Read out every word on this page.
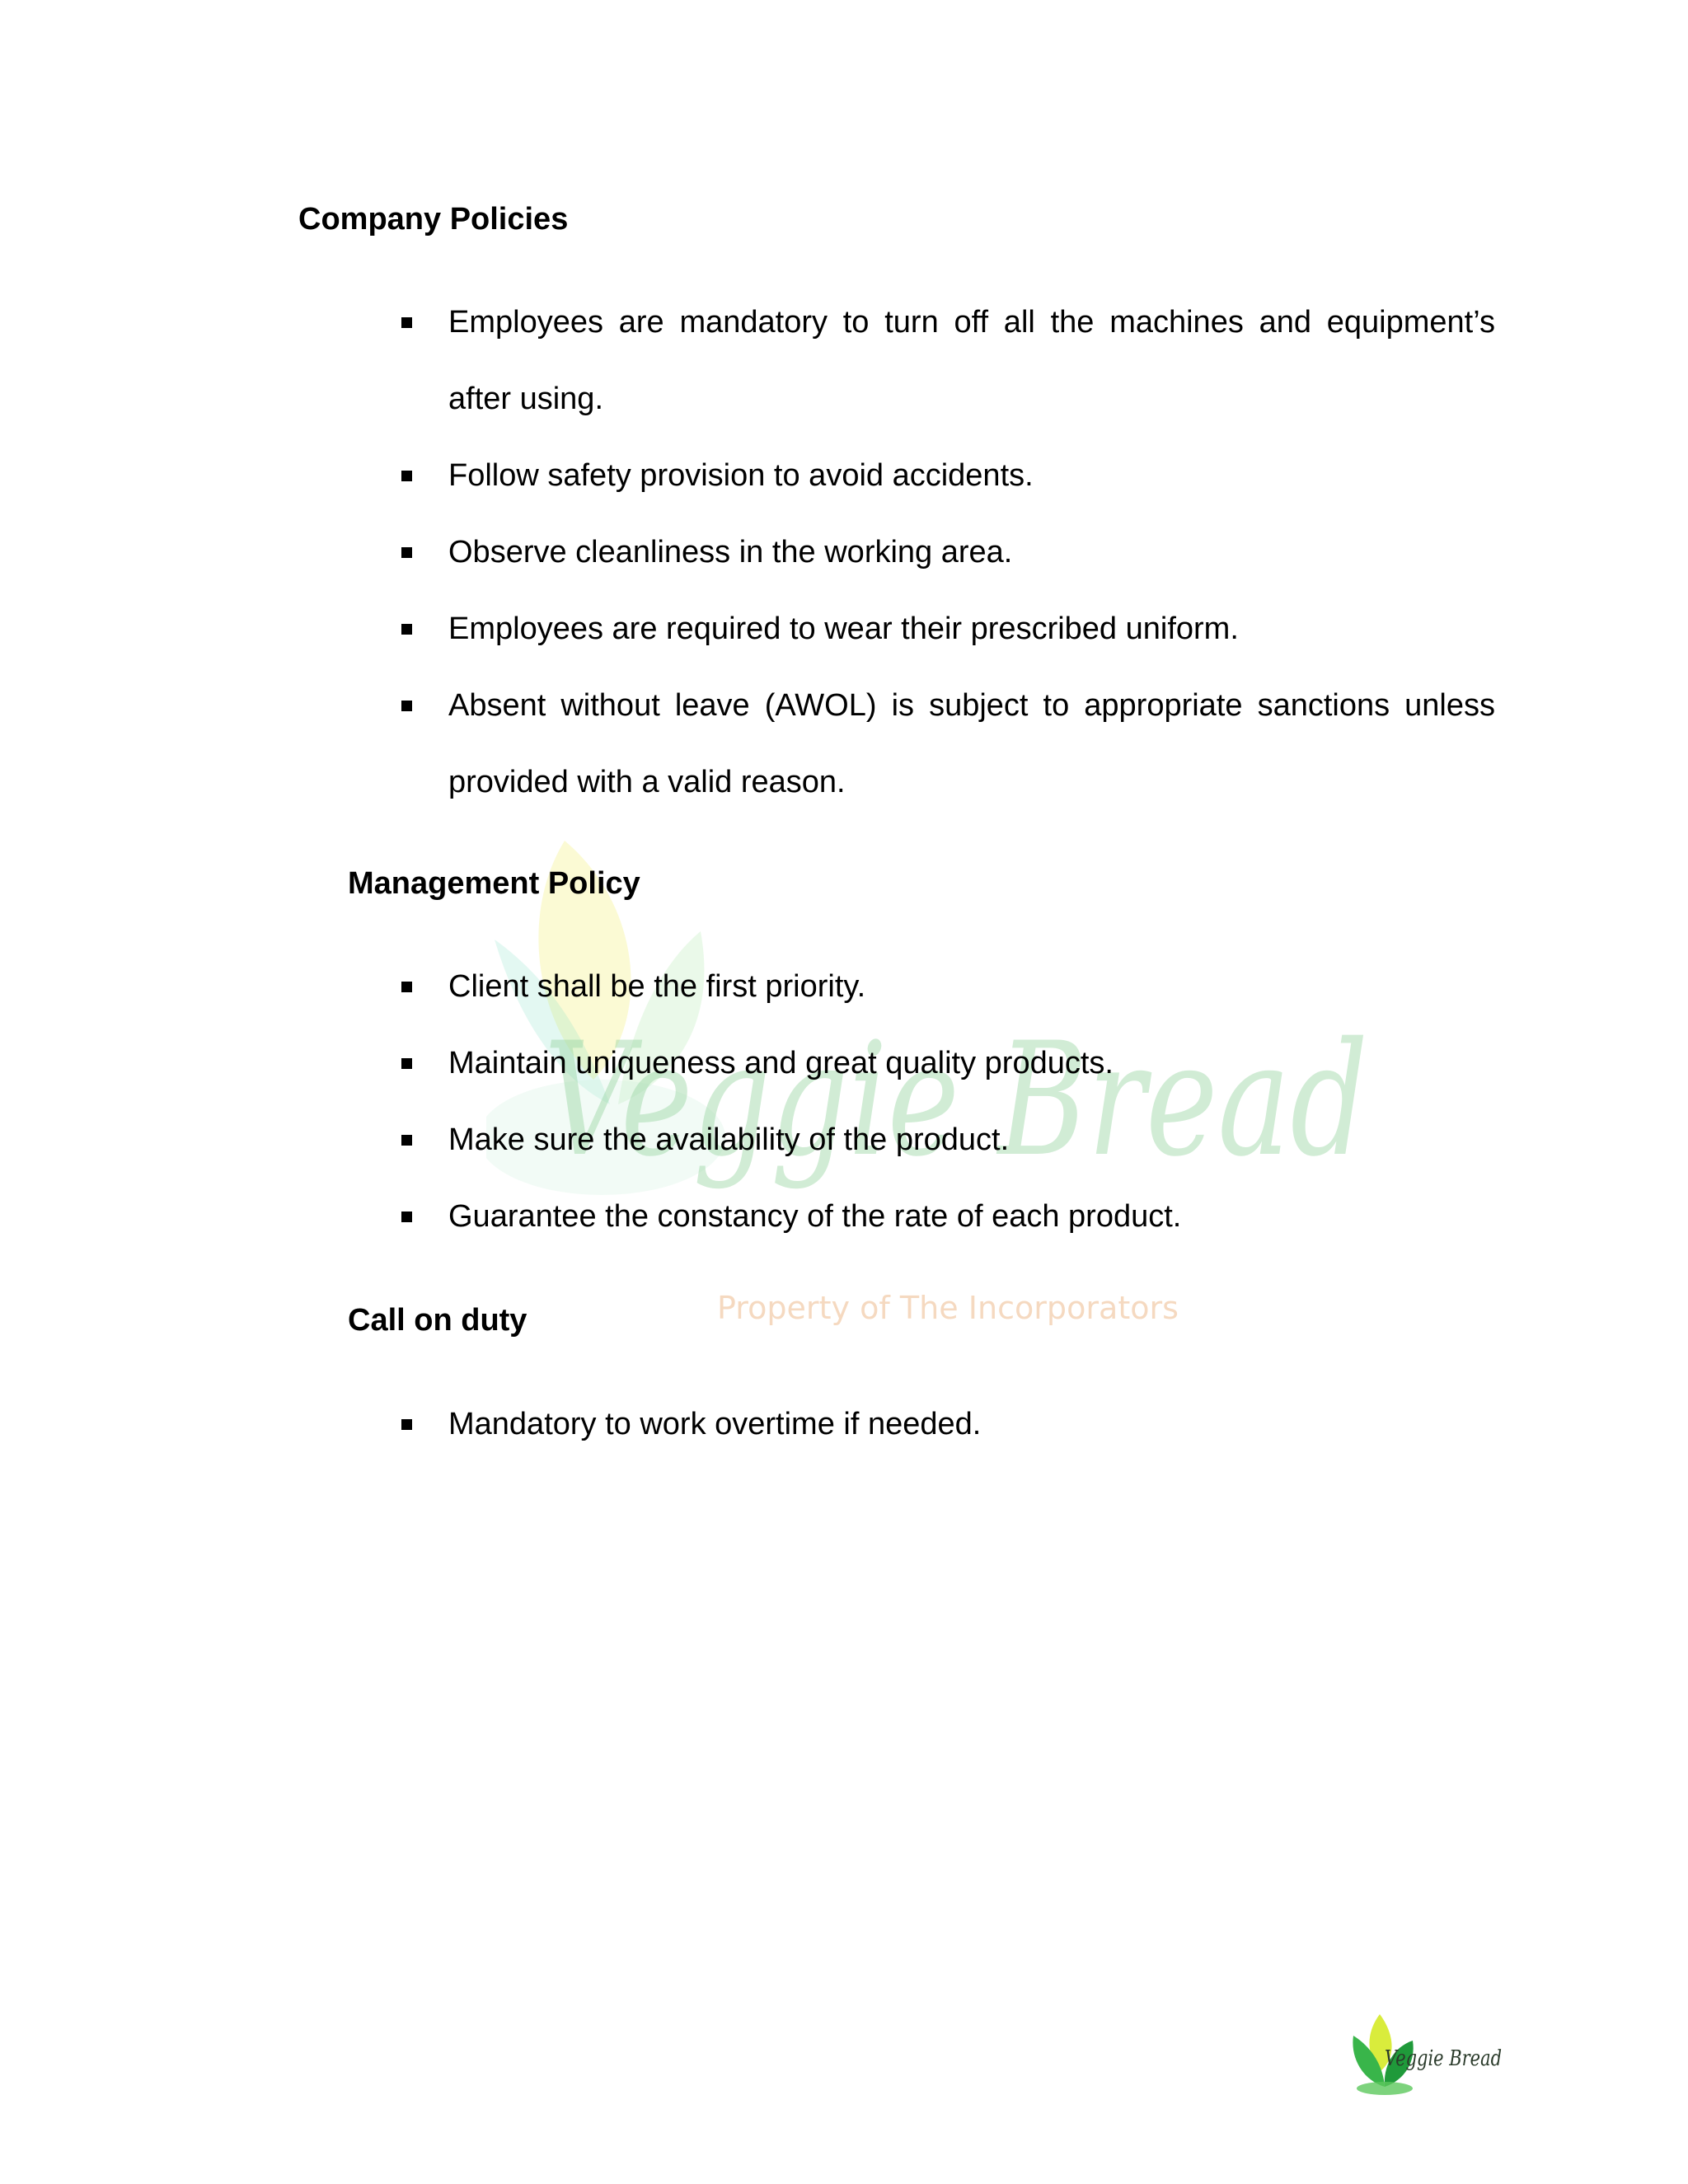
Veggie Bread
Property of The Incorporators
Company Policies
Employees are mandatory to turn off all the machines and equipment’s after using.
Follow safety provision to avoid accidents.
Observe cleanliness in the working area.
Employees are required to wear their prescribed uniform.
Absent without leave (AWOL) is subject to appropriate sanctions unless provided with a valid reason.
Management Policy
Client shall be the first priority.
Maintain uniqueness and great quality products.
Make sure the availability of the product.
Guarantee the constancy of the rate of each product.
Call on duty
Mandatory to work overtime if needed.
Veggie Bread
